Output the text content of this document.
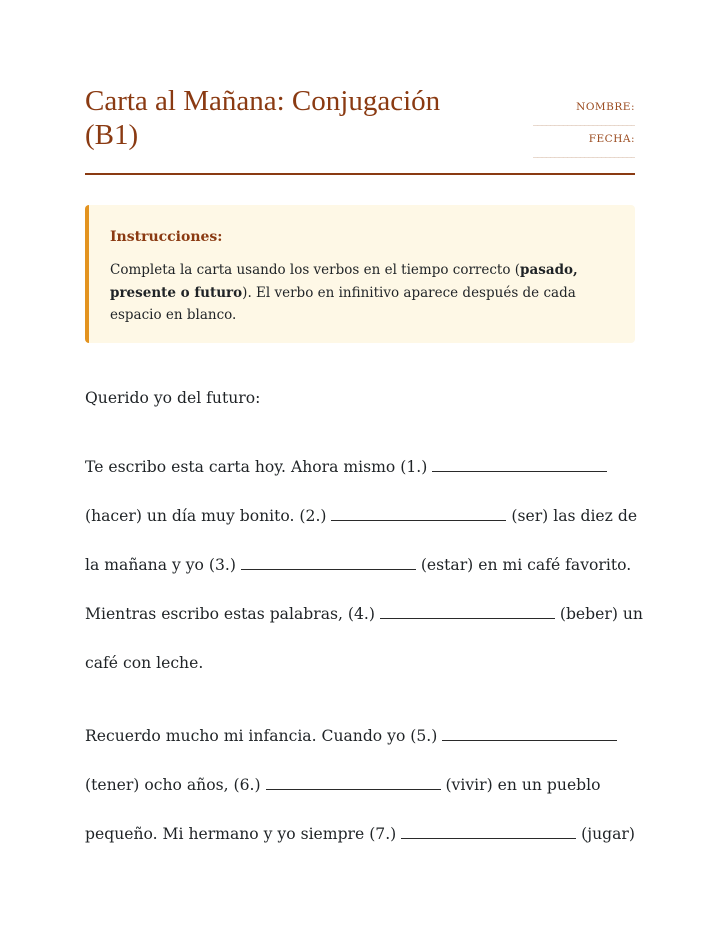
Carta al Mañana: Conjugación (B1)
NOMBRE:
________________________
FECHA:
________________________

Instrucciones:

Completa la carta usando los verbos en el tiempo correcto (pasado, presente o futuro). El verbo en infinitivo aparece después de cada espacio en blanco.

Querido yo del futuro:

Te escribo esta carta hoy. Ahora mismo (1.)  (hacer) un día muy bonito. (2.)	(ser) las diez de la mañana y yo (3.)	(estar) en mi café favorito. Mientras escribo estas palabras, (4.)	(beber) un café con leche.

Recuerdo mucho mi infancia. Cuando yo (5.)  (tener) ocho años, (6.)	(vivir) en un pueblo pequeño. Mi hermano y yo siempre (7.)	(jugar)
